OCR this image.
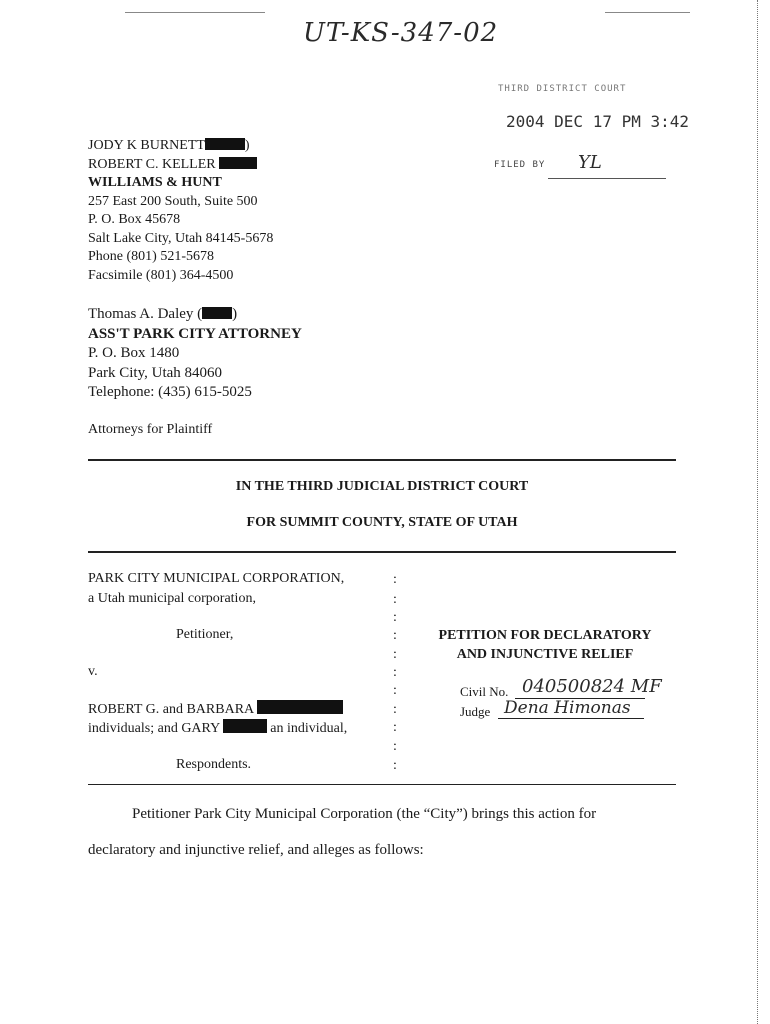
UT-KS-347-02
THIRD DISTRICT COURT
2004 DEC 17 PM 3:42
FILED BY YL
JODY K BURNETT	)
ROBERT C. KELLER
WILLIAMS & HUNT
257 East 200 South, Suite 500
P. O. Box 45678
Salt Lake City, Utah 84145-5678
Phone (801) 521-5678
Facsimile (801) 364-4500
Thomas A. Daley ( )
ASS'T PARK CITY ATTORNEY
P. O. Box 1480
Park City, Utah 84060
Telephone: (435) 615-5025
Attorneys for Plaintiff
IN THE THIRD JUDICIAL DISTRICT COURT
FOR SUMMIT COUNTY, STATE OF UTAH
PARK CITY MUNICIPAL CORPORATION,
a Utah municipal corporation,
Petitioner,
v.
ROBERT G. and BARBARA
individuals; and GARY	an individual,
Respondents.
:
:
:
:
:
:
:
:
:
:
:
PETITION FOR DECLARATORY
AND INJUNCTIVE RELIEF
Civil No. 040500824 MF
Judge Dena Himonas
Petitioner Park City Municipal Corporation (the “City”) brings this action for
declaratory and injunctive relief, and alleges as follows:
